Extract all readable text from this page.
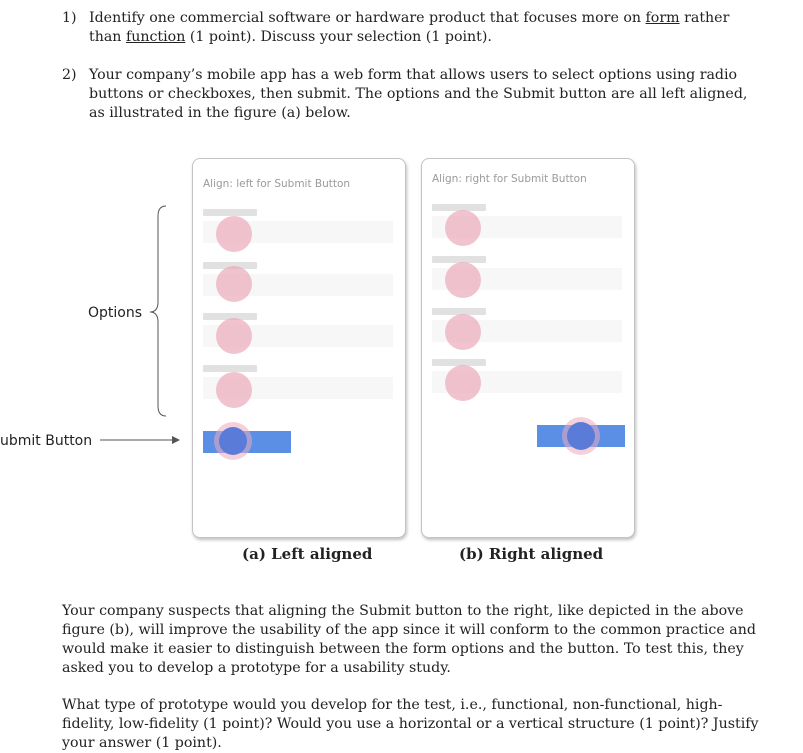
1) Identify one commercial software or hardware product that focuses more on form rather than function (1 point). Discuss your selection (1 point).
2) Your company’s mobile app has a web form that allows users to select options using radio buttons or checkboxes, then submit. The options and the Submit button are all left aligned, as illustrated in the figure (a) below.
Options
ubmit Button
Align: left for Submit Button	Align: right for Submit Button
(a) Left aligned	(b) Right aligned
Your company suspects that aligning the Submit button to the right, like depicted in the above figure (b), will improve the usability of the app since it will conform to the common practice and would make it easier to distinguish between the form options and the button. To test this, they asked you to develop a prototype for a usability study.
What type of prototype would you develop for the test, i.e., functional, non-functional, high-fidelity, low-fidelity (1 point)? Would you use a horizontal or a vertical structure (1 point)? Justify your answer (1 point).
